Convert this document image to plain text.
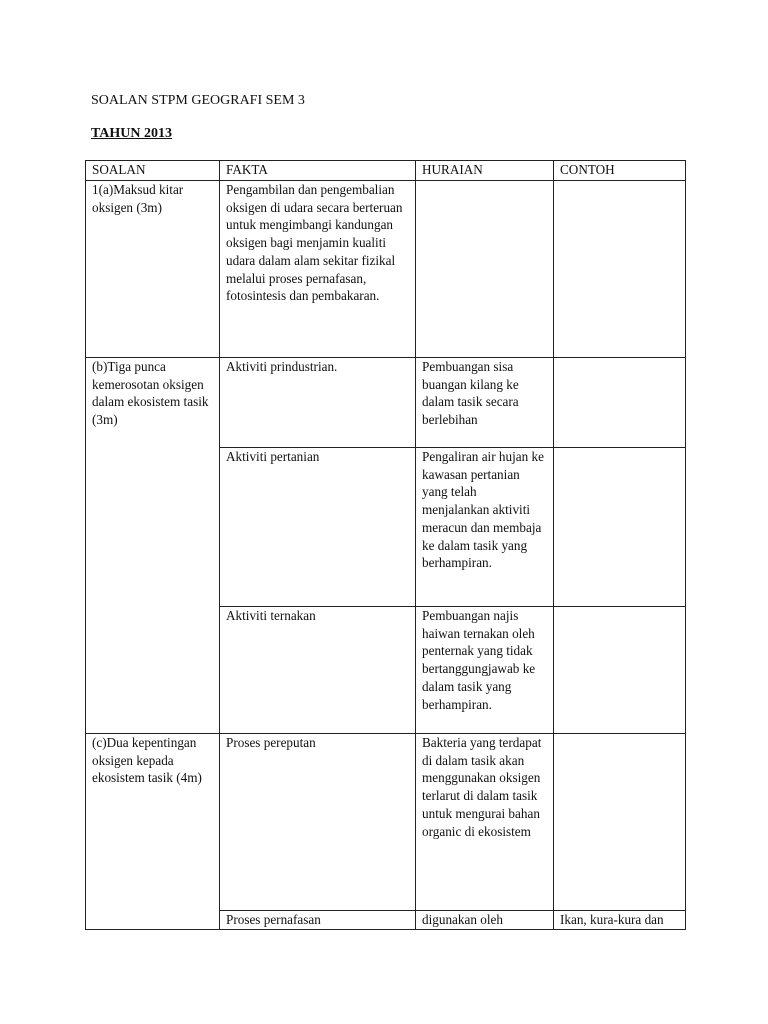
SOALAN STPM GEOGRAFI SEM 3
TAHUN 2013
SOALAN	FAKTA	HURAIAN	CONTOH
1(a)Maksud kitar oksigen (3m)	Pengambilan dan pengembalian oksigen di udara secara berteruan untuk mengimbangi kandungan oksigen bagi menjamin kualiti udara dalam alam sekitar fizikal melalui proses pernafasan, fotosintesis dan pembakaran.		
(b)Tiga punca kemerosotan oksigen dalam ekosistem tasik (3m)	Aktiviti prindustrian.	Pembuangan sisa buangan kilang ke dalam tasik secara berlebihan	
	Aktiviti pertanian	Pengaliran air hujan ke kawasan pertanian yang telah menjalankan aktiviti meracun dan membaja ke dalam tasik yang berhampiran.	
	Aktiviti ternakan	Pembuangan najis haiwan ternakan oleh penternak yang tidak bertanggungjawab ke dalam tasik yang berhampiran.	
(c)Dua kepentingan oksigen kepada ekosistem tasik (4m)	Proses pereputan	Bakteria yang terdapat di dalam tasik akan menggunakan oksigen terlarut di dalam tasik untuk mengurai bahan organic di ekosistem	
	Proses pernafasan	digunakan oleh	Ikan, kura-kura dan
